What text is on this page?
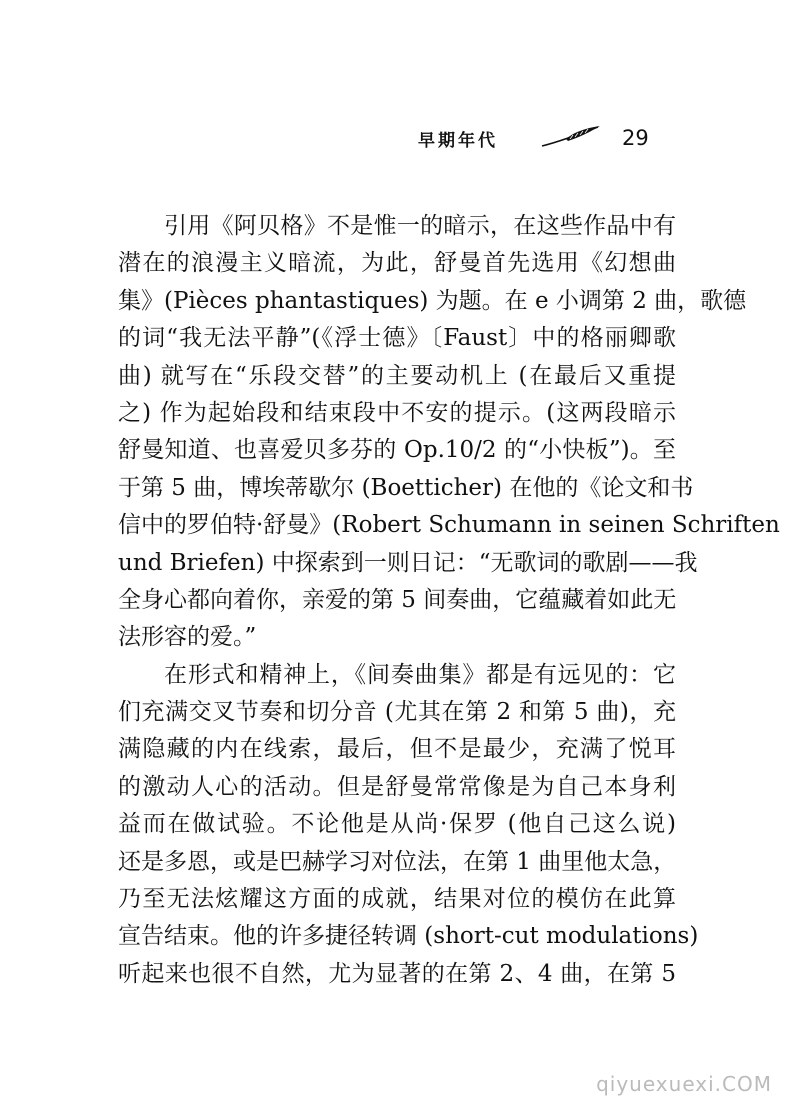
早期年代	29
引用《阿贝格》不是惟一的暗示，在这些作品中有
潜在的浪漫主义暗流，为此，舒曼首先选用《幻想曲
集》(Pièces phantastiques) 为题。在 e 小调第 2 曲，歌德
的词“我无法平静”(《浮士德》〔Faust〕中的格丽卿歌
曲) 就写在“乐段交替”的主要动机上 (在最后又重提
之) 作为起始段和结束段中不安的提示。(这两段暗示
舒曼知道、也喜爱贝多芬的 Op.10/2 的“小快板”)。至
于第 5 曲，博埃蒂歇尔 (Boetticher) 在他的《论文和书
信中的罗伯特·舒曼》(Robert Schumann in seinen Schriften
und Briefen) 中探索到一则日记：“无歌词的歌剧——我
全身心都向着你，亲爱的第 5 间奏曲，它蕴藏着如此无
法形容的爱。”
在形式和精神上，《间奏曲集》都是有远见的：它
们充满交叉节奏和切分音 (尤其在第 2 和第 5 曲)，充
满隐藏的内在线索，最后，但不是最少，充满了悦耳
的激动人心的活动。但是舒曼常常像是为自己本身利
益而在做试验。不论他是从尚·保罗 (他自己这么说)
还是多恩，或是巴赫学习对位法，在第 1 曲里他太急，
乃至无法炫耀这方面的成就，结果对位的模仿在此算
宣告结束。他的许多捷径转调 (short-cut modulations)
听起来也很不自然，尤为显著的在第 2、4 曲，在第 5
qiyuexuexi.COM
